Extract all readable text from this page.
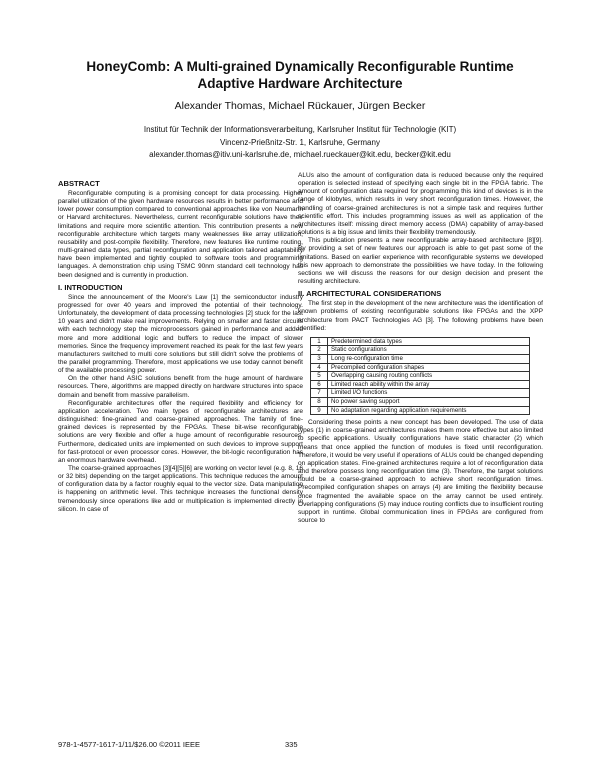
HoneyComb: A Multi-grained Dynamically Reconfigurable Runtime
Adaptive Hardware Architecture
Alexander Thomas, Michael Rückauer, Jürgen Becker
Institut für Technik der Informationsverarbeitung, Karlsruher Institut für Technologie (KIT)
Vincenz-Prießnitz-Str. 1, Karlsruhe, Germany
alexander.thomas@itiv.uni-karlsruhe.de, michael.rueckauer@kit.edu, becker@kit.edu
ABSTRACT

Reconfigurable computing is a promising concept for data processing. Higher parallel utilization of the given hardware resources results in better performance and lower power consumption compared to conventional approaches like von Neumann or Harvard architectures. Nevertheless, current reconfigurable solutions have their limitations and require more scientific attention. This contribution presents a new reconfigurable architecture which targets many weaknesses like array utilization, reusability and post-compile flexibility. Therefore, new features like runtime routing, multi-grained data types, partial reconfiguration and application tailored adaptability have been implemented and tightly coupled to software tools and programming languages. A demonstration chip using TSMC 90nm standard cell technology has been designed and is currently in production.

I. INTRODUCTION

Since the announcement of the Moore's Law [1] the semiconductor industry progressed for over 40 years and improved the potential of their technology. Unfortunately, the development of data processing technologies [2] stuck for the last 10 years and didn't make real improvements. Relying on smaller and faster circuits with each technology step the microprocessors gained in performance and added more and more additional logic and buffers to reduce the impact of slower memories. Since the frequency improvement reached its peak for the last few years manufacturers switched to multi core solutions but still didn't solve the problems of the parallel programming. Therefore, most applications we use today cannot benefit of the available processing power.

On the other hand ASIC solutions benefit from the huge amount of hardware resources. There, algorithms are mapped directly on hardware structures into space domain and benefit from massive parallelism.

Reconfigurable architectures offer the required flexibility and efficiency for application acceleration. Two main types of reconfigurable architectures are distinguished: fine-grained and coarse-grained approaches. The family of fine-grained devices is represented by the FPGAs. These bit-wise reconfigurable solutions are very flexible and offer a huge amount of reconfigurable resources. Furthermore, dedicated units are implemented on such devices to improve support for fast-protocol or even processor cores. However, the bit-logic reconfiguration has an enormous hardware overhead.

The coarse-grained approaches [3][4][5][6] are working on vector level (e.g. 8, 16 or 32 bits) depending on the target applications. This technique reduces the amount of configuration data by a factor roughly equal to the vector size. Data manipulation is happening on arithmetic level. This technique increases the functional density tremendously since operations like add or multiplication is implemented directly in silicon. In case of

ALUs also the amount of configuration data is reduced because only the required operation is selected instead of specifying each single bit in the FPGA fabric. The amount of configuration data required for programming this kind of devices is in the range of kilobytes, which results in very short reconfiguration times. However, the handling of coarse-grained architectures is not a simple task and requires further scientific effort. This includes programming issues as well as application of the architectures itself: missing direct memory access (DMA) capability of array-based solutions is a big issue and limits their flexibility tremendously.

This publication presents a new reconfigurable array-based architecture [8][9]. By providing a set of new features our approach is able to get past some of the limitations. Based on earlier experience with reconfigurable systems we developed this new approach to demonstrate the possibilities we have today. In the following sections we will discuss the reasons for our design decision and present the resulting architecture.

II. ARCHITECTURAL CONSIDERATIONS

The first step in the development of the new architecture was the identification of known problems of existing reconfigurable solutions like FPGAs and the XPP architecture from PACT Technologies AG [3]. The following problems have been identified:

1	Predetermined data types
2	Static configurations
3	Long re-configuration time
4	Precompiled configuration shapes
5	Overlapping causing routing conflicts
6	Limited reach ability within the array
7	Limited I/O functions
8	No power saving support
9	No adaptation regarding application requirements

Considering these points a new concept has been developed. The use of data types (1) in coarse-grained architectures makes them more effective but also limited to specific applications. Usually configurations have static character (2) which means that once applied the function of modules is fixed until reconfiguration. Therefore, it would be very useful if operations of ALUs could be changed depending on application states. Fine-grained architectures require a lot of reconfiguration data and therefore possess long reconfiguration time (3). Therefore, the target solutions hould be a coarse-grained approach to achieve short reconfiguration times. Precompiled configuration shapes on arrays (4) are limiting the flexibility because once fragmented the available space on the array cannot be used entirely. Overlapping configurations (5) may induce routing conflicts due to insufficient routing support in runtime. Global communication lines in FPGAs are configured from source to

978-1-4577-1617-1/11/$26.00 ©2011 IEEE	335
